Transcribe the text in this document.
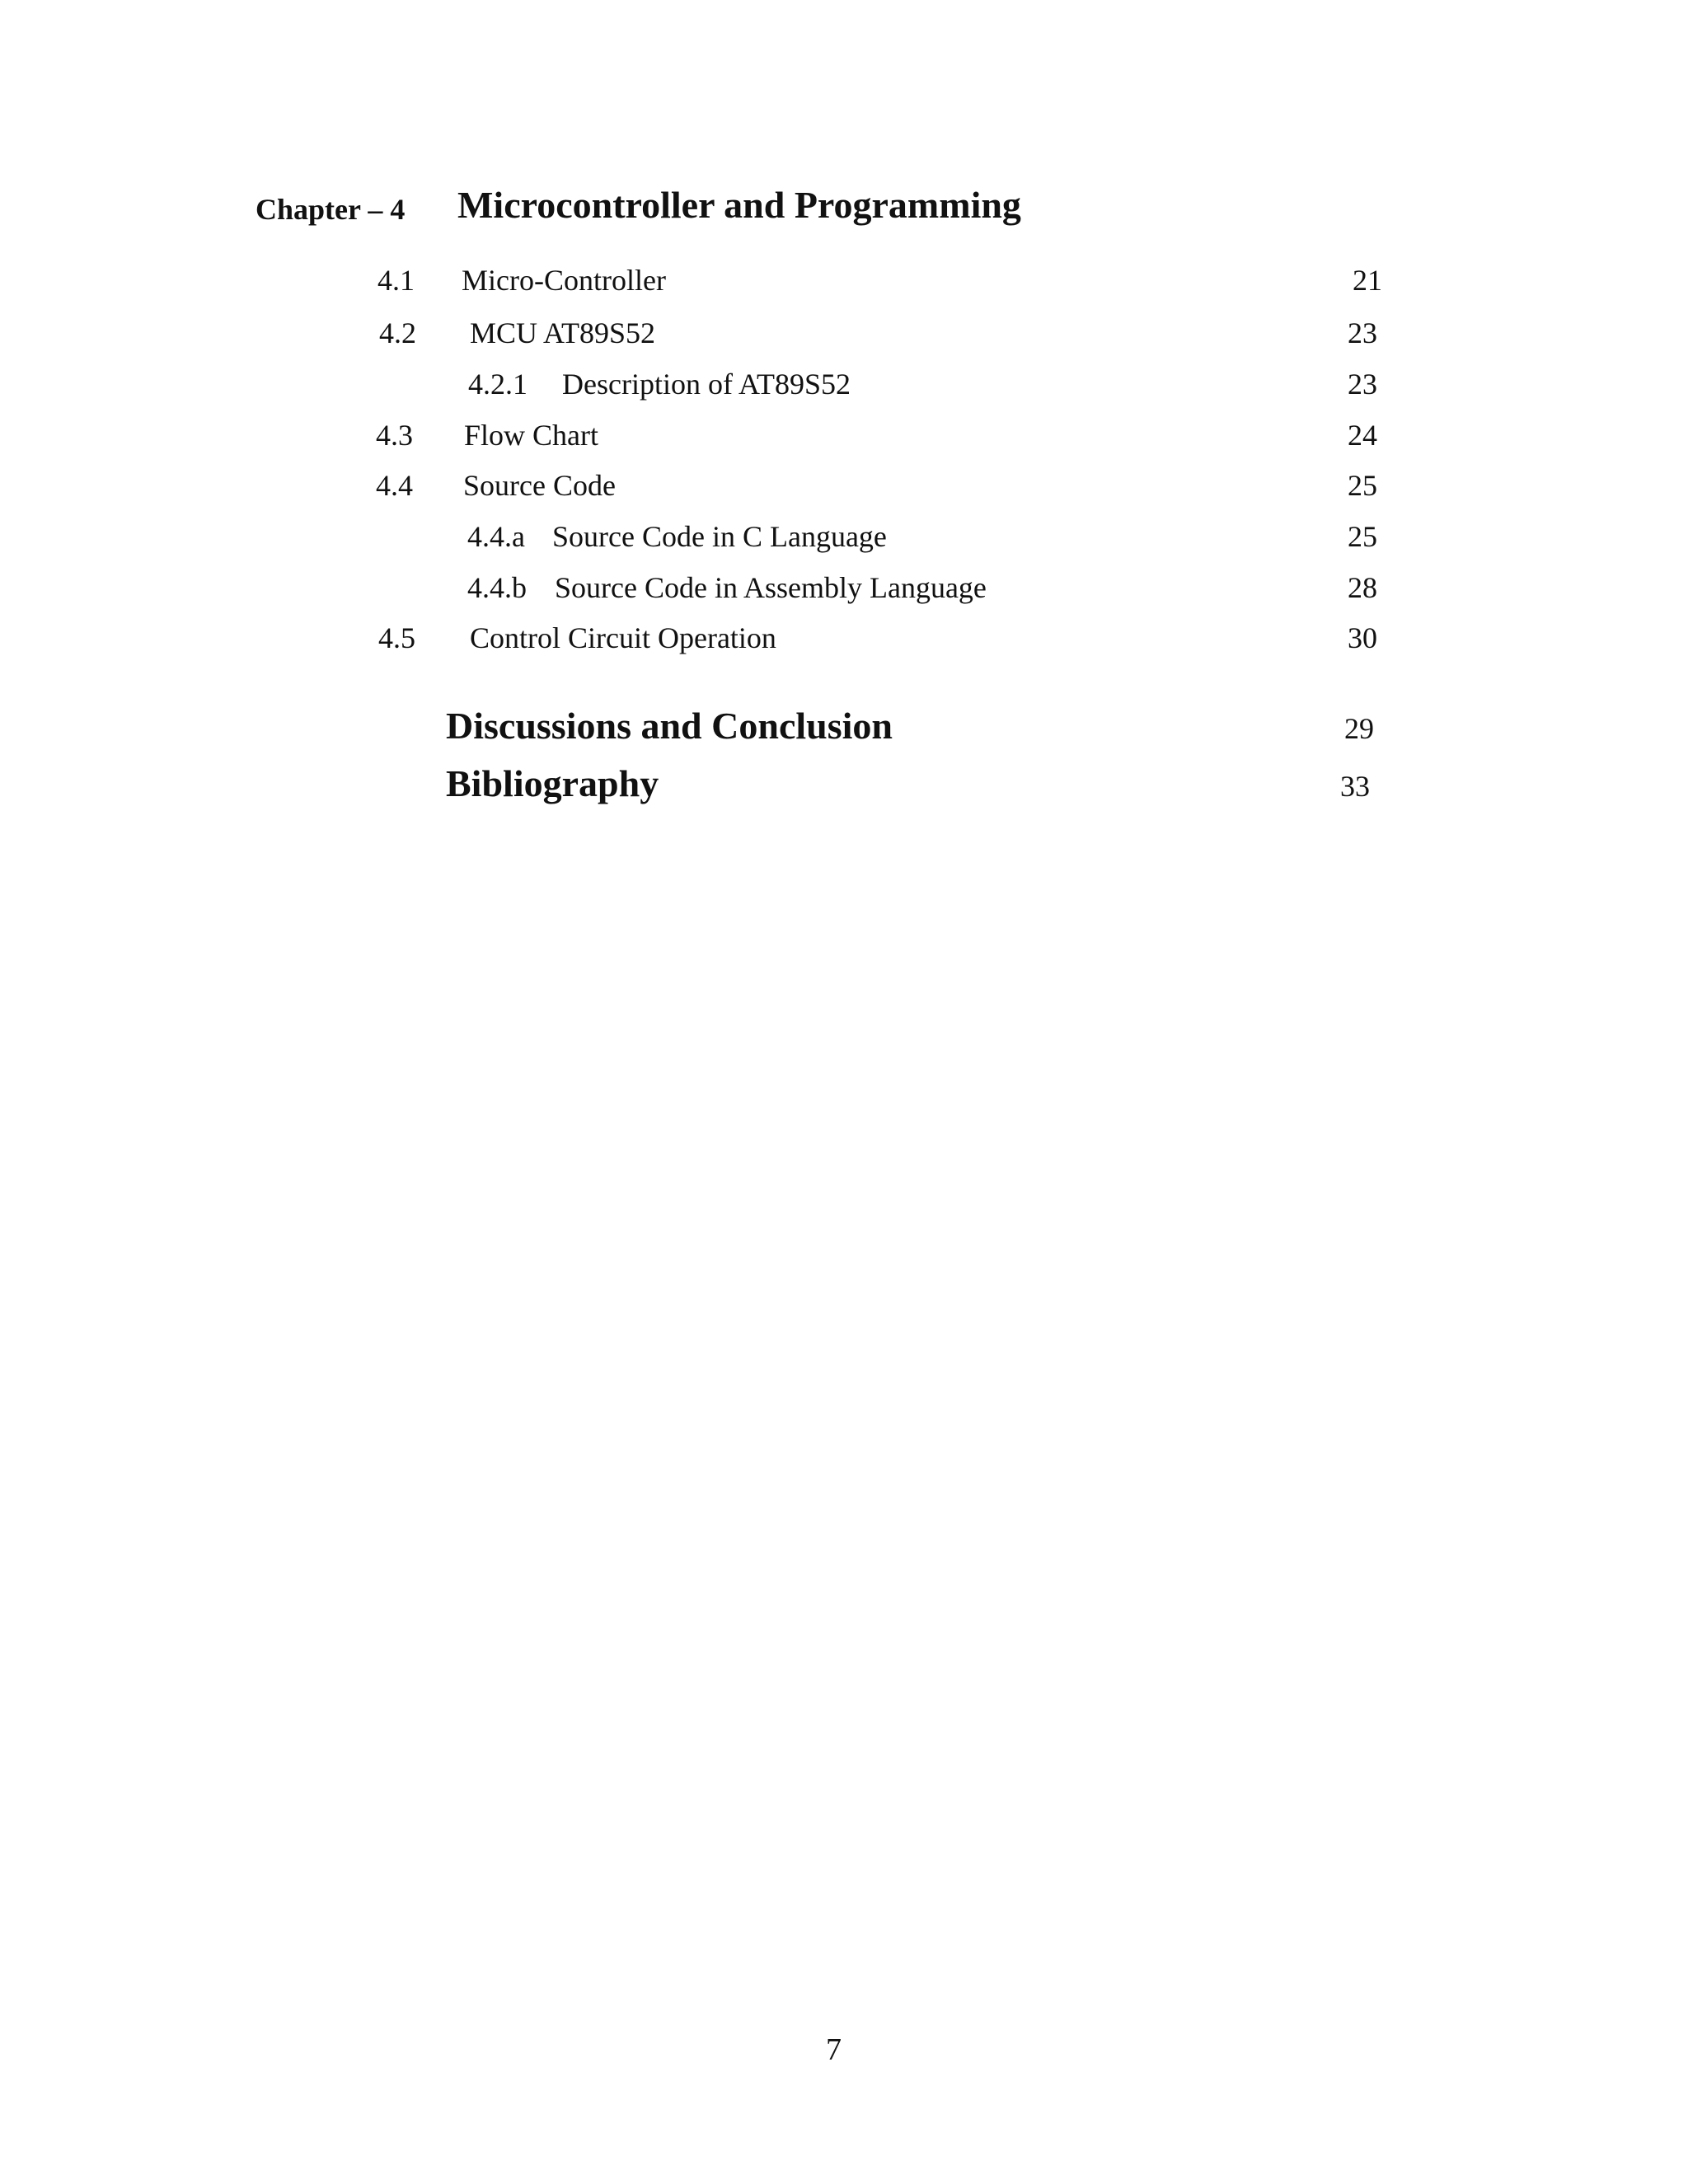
Chapter – 4 Microcontroller and Programming
4.1 Micro-Controller	21
4.2 MCU AT89S52	23
4.2.1 Description of AT89S52	23
4.3 Flow Chart	24
4.4 Source Code	25
4.4.a Source Code in C Language	25
4.4.b Source Code in Assembly Language	28
4.5 Control Circuit Operation	30
Discussions and Conclusion	29
Bibliography	33
7
